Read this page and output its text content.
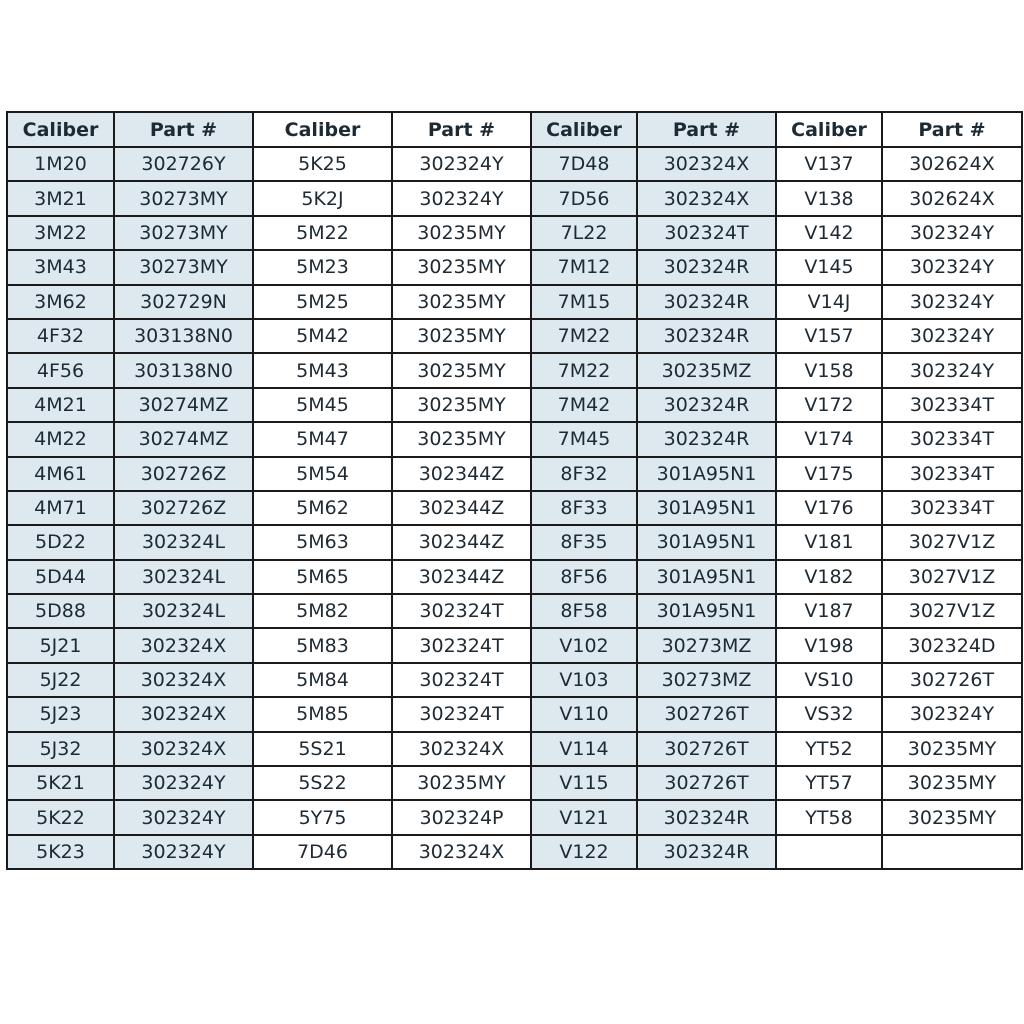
Caliber	Part #	Caliber	Part #	Caliber	Part #	Caliber	Part #
1M20	302726Y	5K25	302324Y	7D48	302324X	V137	302624X
3M21	30273MY	5K2J	302324Y	7D56	302324X	V138	302624X
3M22	30273MY	5M22	30235MY	7L22	302324T	V142	302324Y
3M43	30273MY	5M23	30235MY	7M12	302324R	V145	302324Y
3M62	302729N	5M25	30235MY	7M15	302324R	V14J	302324Y
4F32	303138N0	5M42	30235MY	7M22	302324R	V157	302324Y
4F56	303138N0	5M43	30235MY	7M22	30235MZ	V158	302324Y
4M21	30274MZ	5M45	30235MY	7M42	302324R	V172	302334T
4M22	30274MZ	5M47	30235MY	7M45	302324R	V174	302334T
4M61	302726Z	5M54	302344Z	8F32	301A95N1	V175	302334T
4M71	302726Z	5M62	302344Z	8F33	301A95N1	V176	302334T
5D22	302324L	5M63	302344Z	8F35	301A95N1	V181	3027V1Z
5D44	302324L	5M65	302344Z	8F56	301A95N1	V182	3027V1Z
5D88	302324L	5M82	302324T	8F58	301A95N1	V187	3027V1Z
5J21	302324X	5M83	302324T	V102	30273MZ	V198	302324D
5J22	302324X	5M84	302324T	V103	30273MZ	VS10	302726T
5J23	302324X	5M85	302324T	V110	302726T	VS32	302324Y
5J32	302324X	5S21	302324X	V114	302726T	YT52	30235MY
5K21	302324Y	5S22	30235MY	V115	302726T	YT57	30235MY
5K22	302324Y	5Y75	302324P	V121	302324R	YT58	30235MY
5K23	302324Y	7D46	302324X	V122	302324R		
